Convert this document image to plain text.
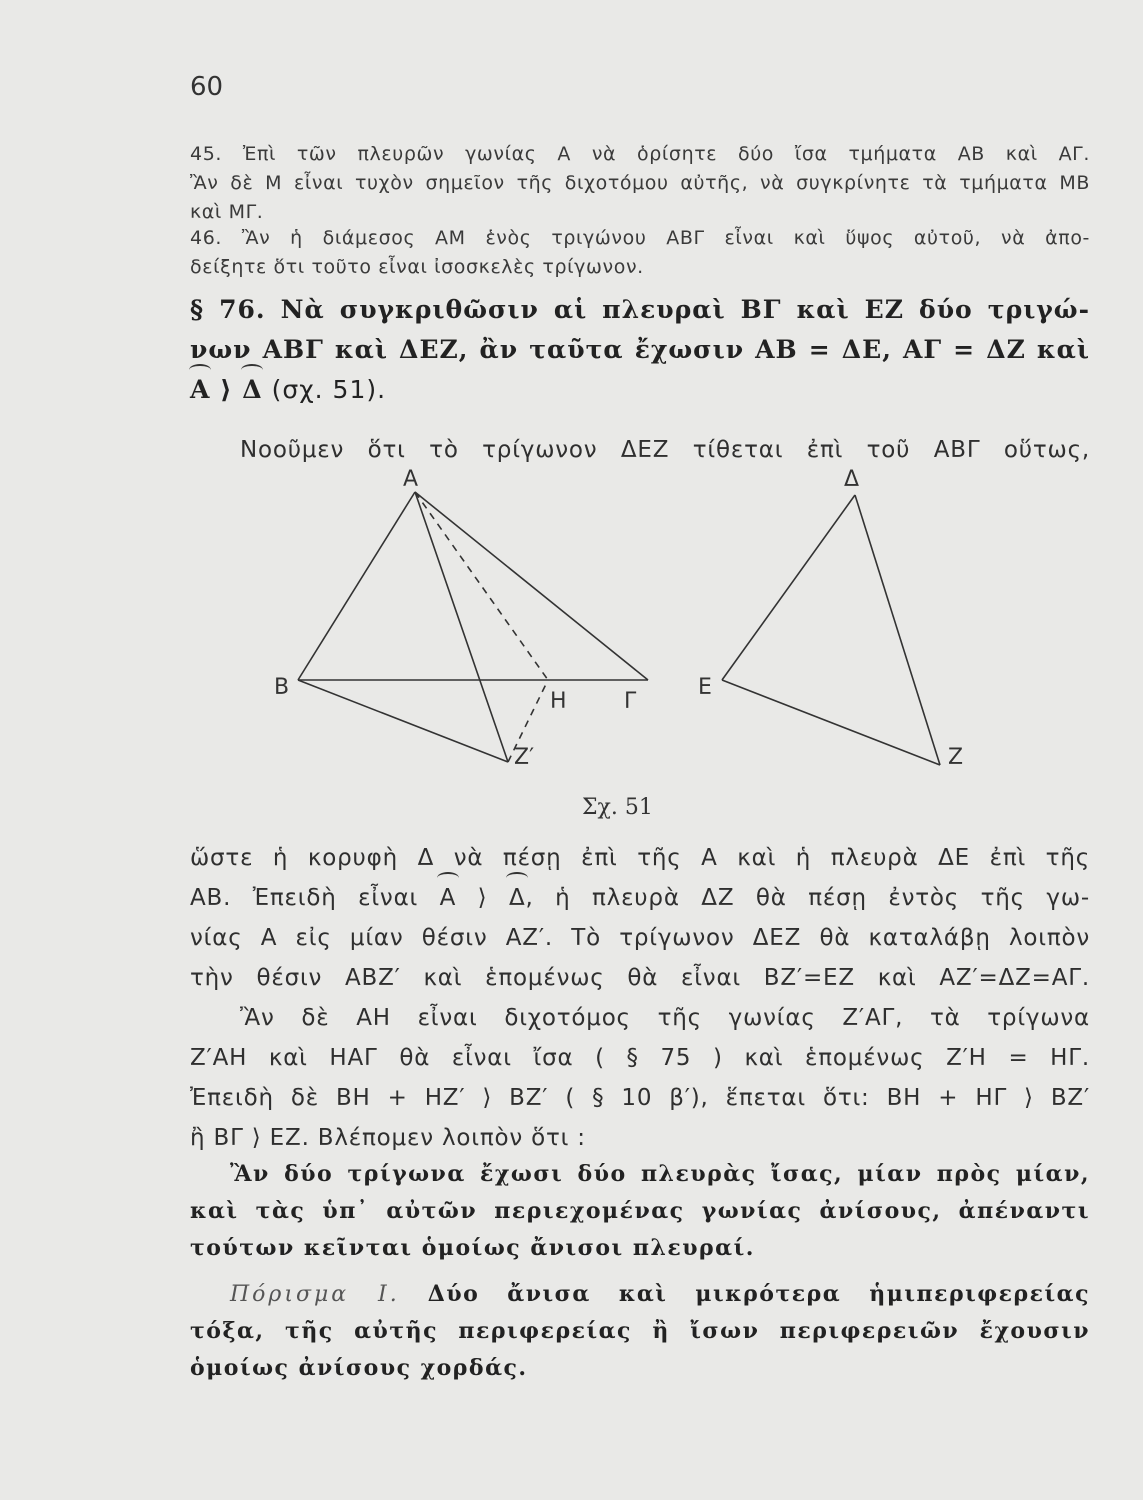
60
45. Ἐπὶ τῶν πλευρῶν γωνίας Α νὰ ὁρίσητε δύο ἴσα τμήματα ΑΒ καὶ ΑΓ.
Ἂν δὲ Μ εἶναι τυχὸν σημεῖον τῆς διχοτόμου αὐτῆς, νὰ συγκρίνητε τὰ τμήματα ΜΒ
καὶ ΜΓ.
46. Ἂν ἡ διάμεσος ΑΜ ἑνὸς τριγώνου ΑΒΓ εἶναι καὶ ὕψος αὐτοῦ, νὰ ἀπο-
δείξητε ὅτι τοῦτο εἶναι ἰσοσκελὲς τρίγωνον.
§ 76. Νὰ συγκριθῶσιν αἱ πλευραὶ ΒΓ καὶ ΕΖ δύο τριγώ-
νων ΑΒΓ καὶ ΔΕΖ, ἂν ταῦτα ἔχωσιν ΑΒ = ΔΕ, ΑΓ = ΔΖ καὶ
Α ⟩ Δ (σχ. 51).
Νοοῦμεν ὅτι τὸ τρίγωνον ΔΕΖ τίθεται ἐπὶ τοῦ ΑΒΓ οὕτως,
Α
Β
Η	Γ
Ζ′
Δ
Ε
Ζ
Σχ. 51
ὥστε ἡ κορυφὴ Δ νὰ πέσῃ ἐπὶ τῆς Α καὶ ἡ πλευρὰ ΔΕ ἐπὶ τῆς
ΑΒ. Ἐπειδὴ εἶναι Α ⟩ Δ, ἡ πλευρὰ ΔΖ θὰ πέσῃ ἐντὸς τῆς γω-
νίας Α εἰς μίαν θέσιν ΑΖ′. Τὸ τρίγωνον ΔΕΖ θὰ καταλάβῃ λοιπὸν
τὴν θέσιν ΑΒΖ′ καὶ ἑπομένως θὰ εἶναι ΒΖ′=ΕΖ καὶ ΑΖ′=ΔΖ=ΑΓ.
Ἂν δὲ ΑΗ εἶναι διχοτόμος τῆς γωνίας Ζ′ΑΓ, τὰ τρίγωνα
Ζ′ΑΗ καὶ ΗΑΓ θὰ εἶναι ἴσα ( § 75 ) καὶ ἑπομένως Ζ′Η = ΗΓ.
Ἐπειδὴ δὲ ΒΗ + ΗΖ′ ⟩ ΒΖ′ ( § 10 β′), ἕπεται ὅτι: ΒΗ + ΗΓ ⟩ ΒΖ′
ἢ ΒΓ ⟩ ΕΖ. Βλέπομεν λοιπὸν ὅτι :
Ἂν δύο τρίγωνα ἔχωσι δύο πλευρὰς ἴσας, μίαν πρὸς μίαν,
καὶ τὰς ὑπ᾽ αὐτῶν περιεχομένας γωνίας ἀνίσους, ἀπέναντι
τούτων κεῖνται ὁμοίως ἄνισοι πλευραί.
Πόρισμα Ι. Δύο ἄνισα καὶ μικρότερα ἡμιπεριφερείας
τόξα, τῆς αὐτῆς περιφερείας ἢ ἴσων περιφερειῶν ἔχουσιν
ὁμοίως ἀνίσους χορδάς.
